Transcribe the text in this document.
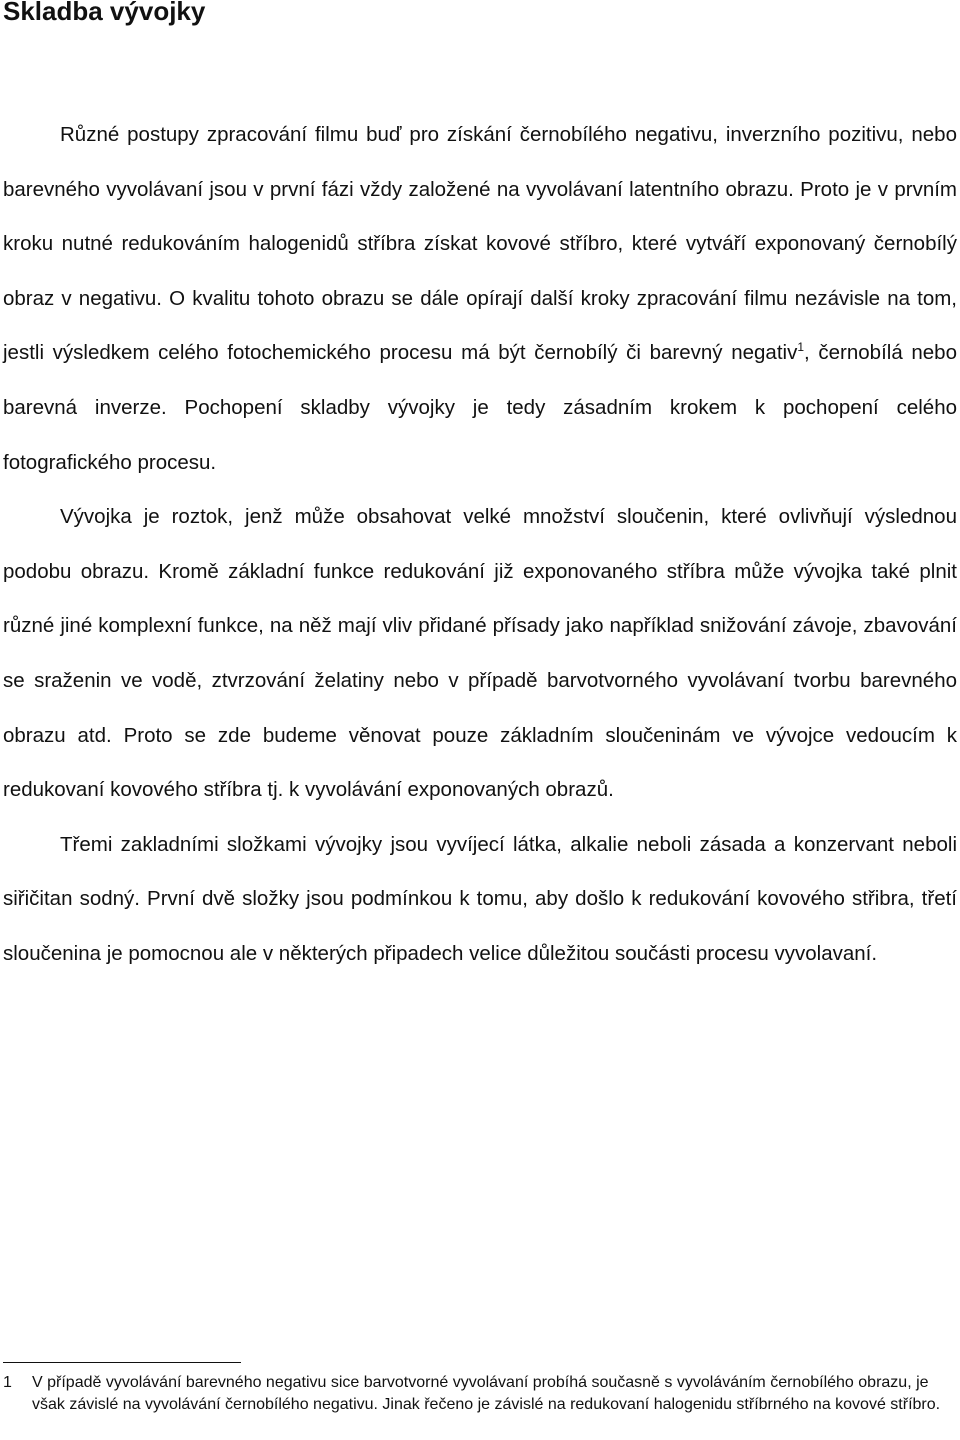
Skladba vývojky

Různé postupy zpracování filmu buď pro získání černobílého negativu, inverzního pozitivu, nebo barevného vyvolávaní jsou v první fázi vždy založené na vyvolávaní latentního obrazu. Proto je v prvním kroku nutné redukováním halogenidů stříbra získat kovové stříbro, které vytváří exponovaný černobílý obraz v negativu. O kvalitu tohoto obrazu se dále opírají další kroky zpracování filmu nezávisle na tom, jestli výsledkem celého fotochemického procesu má být černobílý či barevný negativ$^1$, černobílá nebo barevná inverze. Pochopení skladby vývojky je tedy zásadním krokem k pochopení celého fotografického procesu.

Vývojka je roztok, jenž může obsahovat velké množství sloučenin, které ovlivňují výslednou podobu obrazu. Kromě základní funkce redukování již exponovaného stříbra může vývojka také plnit různé jiné komplexní funkce, na něž mají vliv přidané přísady jako například snižování závoje, zbavování se sraženin ve vodě, ztvrzování želatiny nebo v případě barvotvorného vyvolávaní tvorbu barevného obrazu atd. Proto se zde budeme věnovat pouze základním sloučeninám ve vývojce vedoucím k redukovaní kovového stříbra tj. k vyvolávání exponovaných obrazů.

Třemi zakladními složkami vývojky jsou vyvíjecí látka, alkalie neboli zásada a konzervant neboli siřičitan sodný. První dvě složky jsou podmínkou k tomu, aby došlo k redukování kovového střibra, třetí sloučenina je pomocnou ale v některých připadech velice důležitou součásti procesu vyvolavaní.

1	V případě vyvolávání barevného negativu sice barvotvorné vyvolávaní probíhá současně s vyvoláváním černobílého obrazu, je však závislé na vyvolávání černobílého negativu. Jinak řečeno je závislé na redukovaní halogenidu stříbrného na kovové stříbro.
